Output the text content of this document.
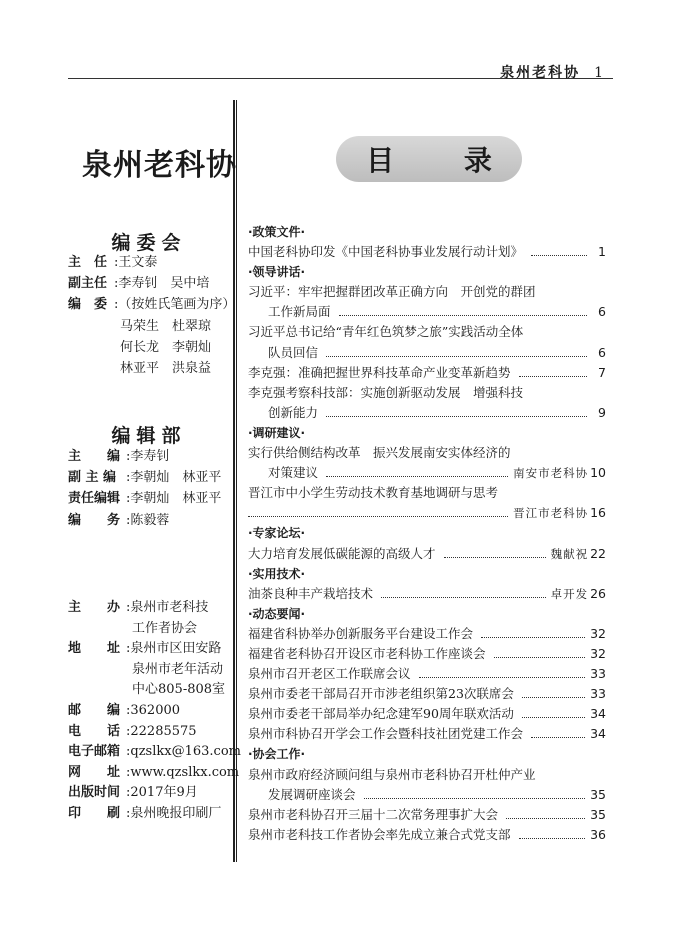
泉州老科协 1
泉州老科协	目 录
编委会
主　任 :王文泰
副主任 :李寿钊　吴中培
编　委 :（按姓氏笔画为序）
马荣生　杜翠琼
何长龙　李朝灿
林亚平　洪泉益
编辑部
主　　编 :李寿钊
副 主 编 :李朝灿　林亚平
责任编辑 :李朝灿　林亚平
编　　务 :陈毅蓉
主　　办 :泉州市老科技
工作者协会
地　　址 :泉州市区田安路
泉州市老年活动
中心805-808室
邮　　编 :362000
电　　话 :22285575
电子邮箱 :qzslkx@163.com
网　　址 :www.qzslkx.com
出版时间 :2017年9月
印　　刷 :泉州晚报印刷厂
·政策文件·
中国老科协印发《中国老科协事业发展行动计划》	1
·领导讲话·
习近平：牢牢把握群团改革正确方向　开创党的群团
工作新局面	6
习近平总书记给“青年红色筑梦之旅”实践活动全体
队员回信	6
李克强：准确把握世界科技革命产业变革新趋势	7
李克强考察科技部：实施创新驱动发展　增强科技
创新能力	9
·调研建议·
实行供给侧结构改革　振兴发展南安实体经济的
对策建议	南安市老科协 10
晋江市中小学生劳动技术教育基地调研与思考
晋江市老科协 16
·专家论坛·
大力培育发展低碳能源的高级人才	魏献祝 22
·实用技术·
油茶良种丰产栽培技术	卓开发 26
·动态要闻·
福建省科协举办创新服务平台建设工作会	32
福建省老科协召开设区市老科协工作座谈会	32
泉州市召开老区工作联席会议	33
泉州市委老干部局召开市涉老组织第23次联席会	33
泉州市委老干部局举办纪念建军90周年联欢活动	34
泉州市科协召开学会工作会暨科技社团党建工作会	34
·协会工作·
泉州市政府经济顾问组与泉州市老科协召开杜仲产业
发展调研座谈会	35
泉州市老科协召开三届十二次常务理事扩大会	35
泉州市老科技工作者协会率先成立兼合式党支部	36
